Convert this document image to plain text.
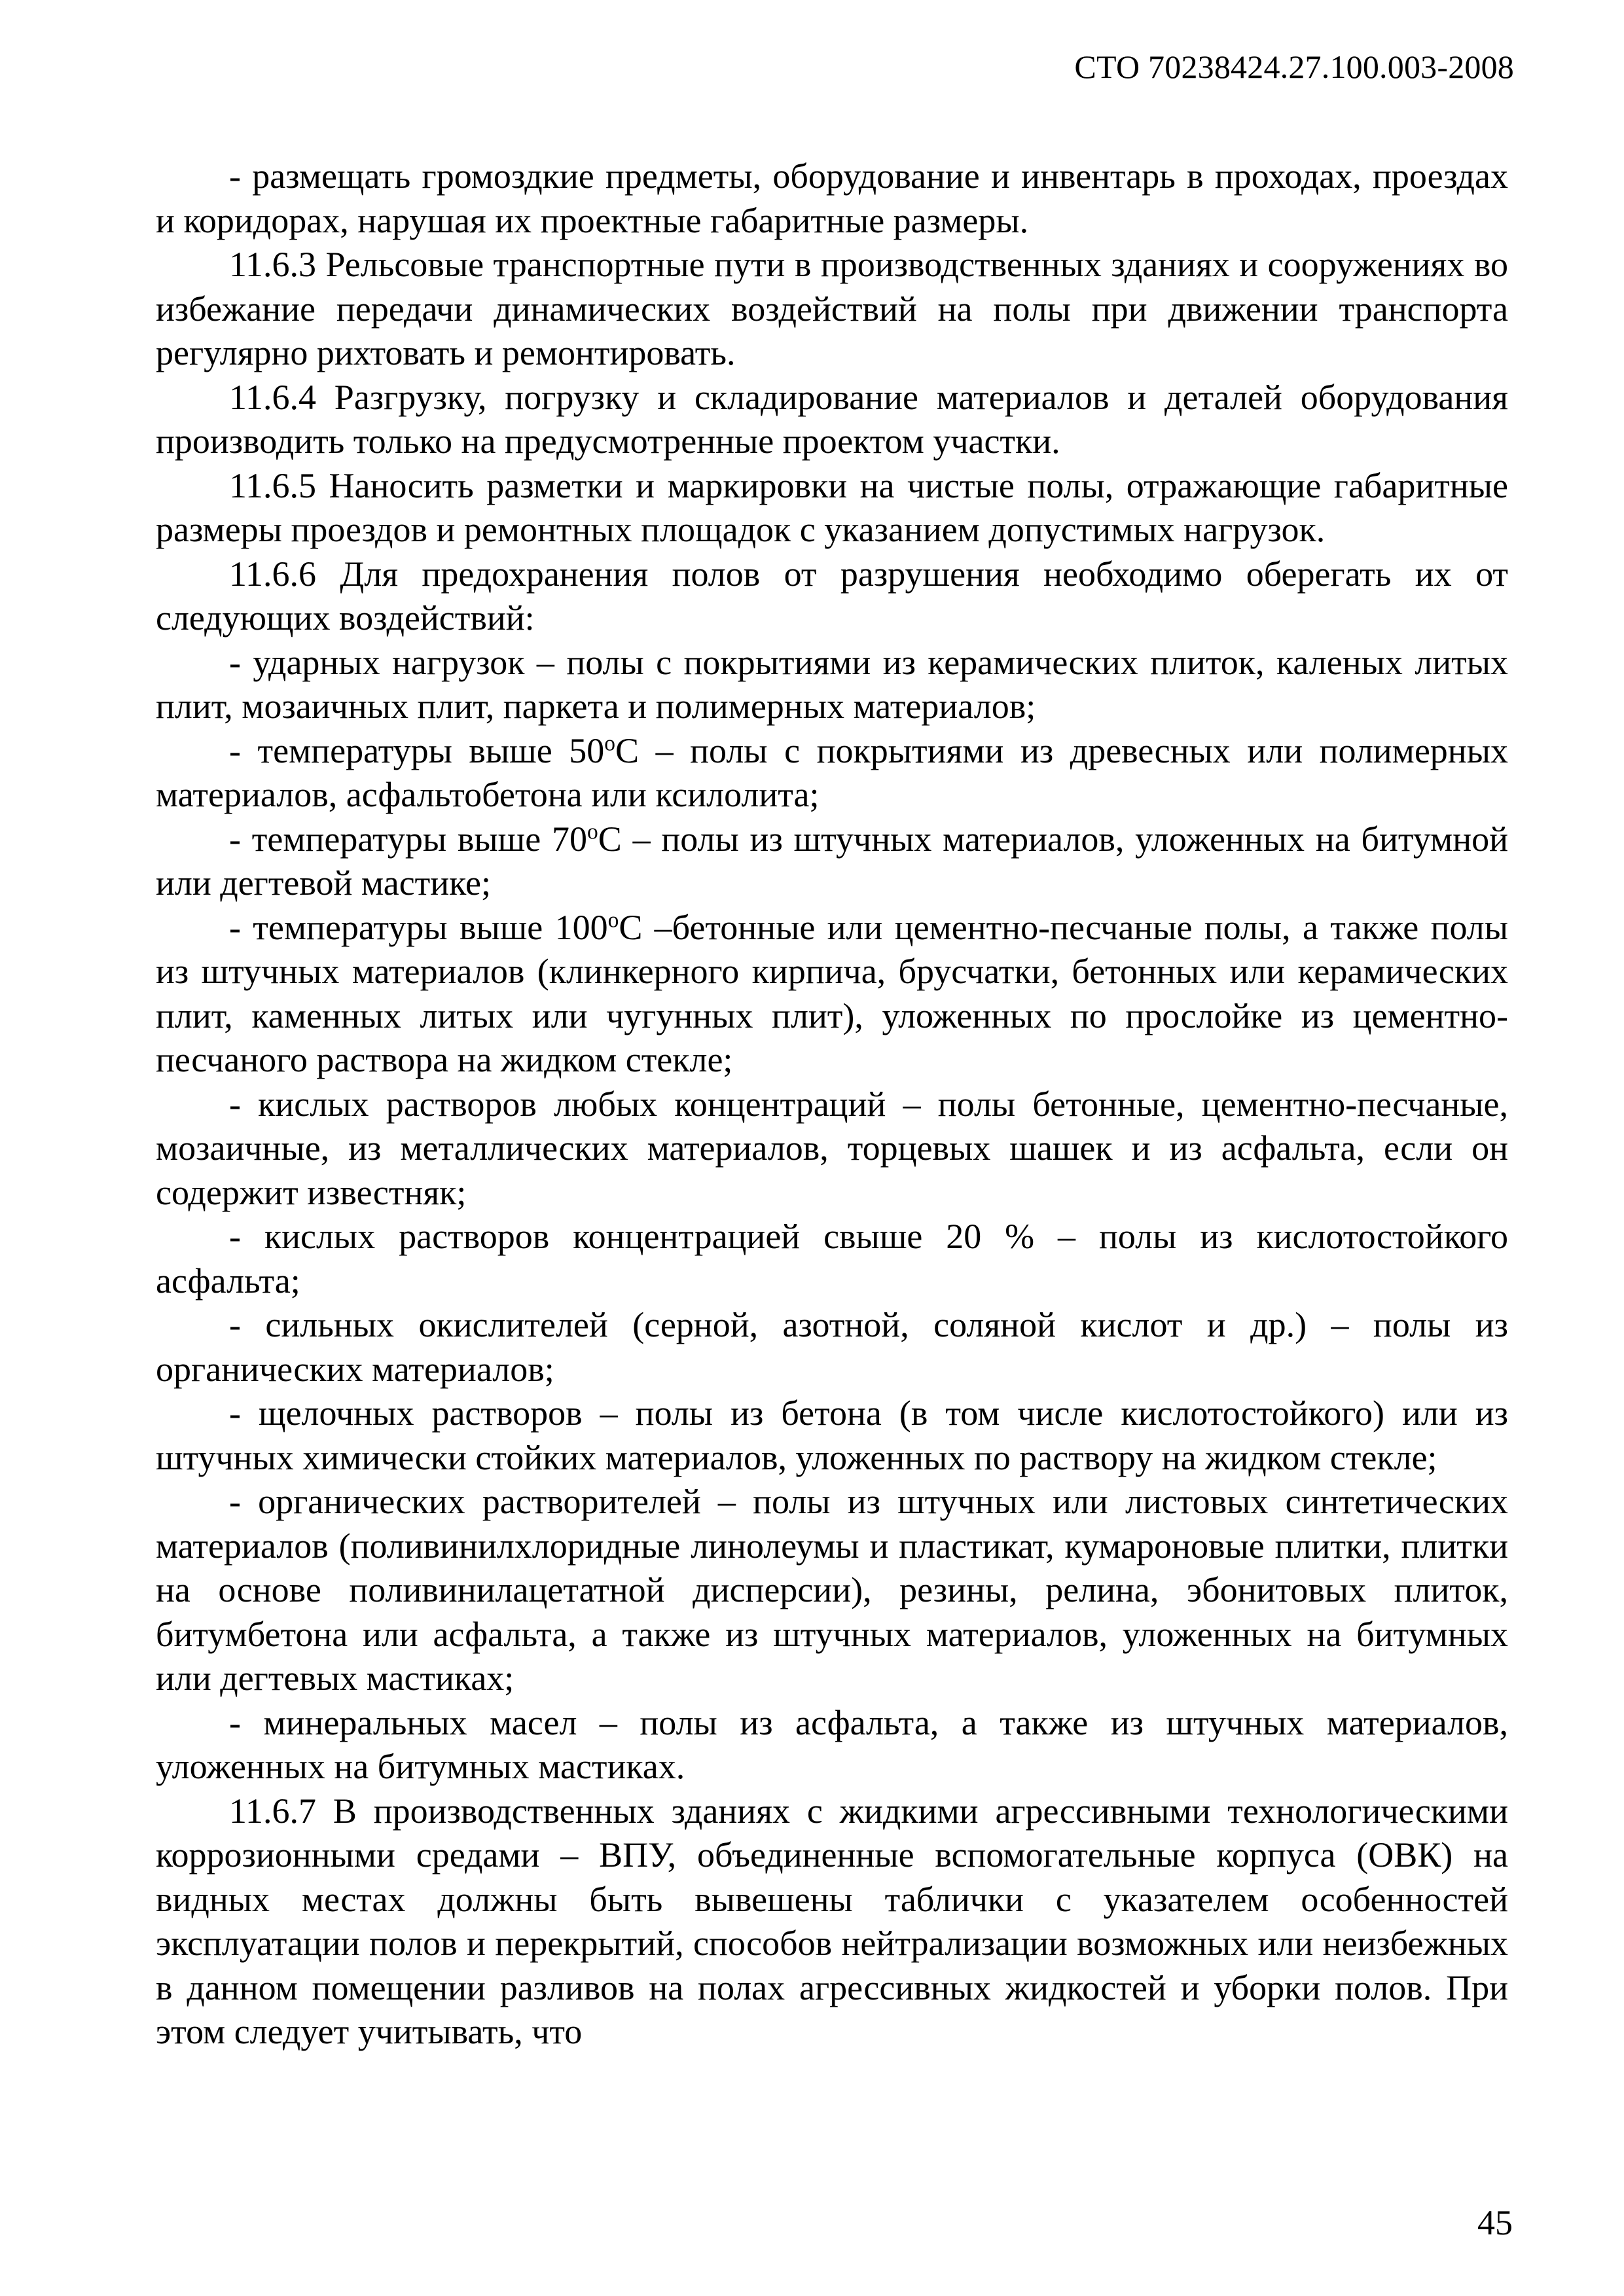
СТО 70238424.27.100.003-2008

- размещать громоздкие предметы, оборудование и инвентарь в проходах, проездах и коридорах, нарушая их проектные габаритные размеры.

11.6.3 Рельсовые транспортные пути в производственных зданиях и сооружениях во избежание передачи динамических воздействий на полы при движении транспорта регулярно рихтовать и ремонтировать.

11.6.4 Разгрузку, погрузку и складирование материалов и деталей оборудования производить только на предусмотренные проектом участки.

11.6.5 Наносить разметки и маркировки на чистые полы, отражающие габаритные размеры проездов и ремонтных площадок с указанием допустимых нагрузок.

11.6.6 Для предохранения полов от разрушения необходимо оберегать их от следующих воздействий:

- ударных нагрузок – полы с покрытиями из керамических плиток, каленых литых плит, мозаичных плит, паркета и полимерных материалов;

- температуры выше $50^оС$ – полы с покрытиями из древесных или полимерных материалов, асфальтобетона или ксилолита;

- температуры выше $70^оС$ – полы из штучных материалов, уложенных на битумной или дегтевой мастике;

- температуры выше $100^оС$ –бетонные или цементно-песчаные полы, а также полы из штучных материалов (клинкерного кирпича, брусчатки, бетонных или керамических плит, каменных литых или чугунных плит), уложенных по прослойке из цементно-песчаного раствора на жидком стекле;

- кислых растворов любых концентраций – полы бетонные, цементно-песчаные, мозаичные, из металлических материалов, торцевых шашек и из асфальта, если он содержит известняк;

- кислых растворов концентрацией свыше 20 % – полы из кислотостойкого асфальта;

- сильных окислителей (серной, азотной, соляной кислот и др.) – полы из органических материалов;

- щелочных растворов – полы из бетона (в том числе кислотостойкого) или из штучных химически стойких материалов, уложенных по раствору на жидком стекле;

- органических растворителей – полы из штучных или листовых синтетических материалов (поливинилхлоридные линолеумы и пластикат, кумароновые плитки, плитки на основе поливинилацетатной дисперсии), резины, релина, эбонитовых плиток, битумбетона или асфальта, а также из штучных материалов, уложенных на битумных или дегтевых мастиках;

- минеральных масел – полы из асфальта, а также из штучных материалов, уложенных на битумных мастиках.

11.6.7 В производственных зданиях с жидкими агрессивными технологическими коррозионными средами – ВПУ, объединенные вспомогательные корпуса (ОВК) на видных местах должны быть вывешены таблички с указателем особенностей эксплуатации полов и перекрытий, способов нейтрализации возможных или неизбежных в данном помещении разливов на полах агрессивных жидкостей и уборки полов. При этом следует учитывать, что

45
